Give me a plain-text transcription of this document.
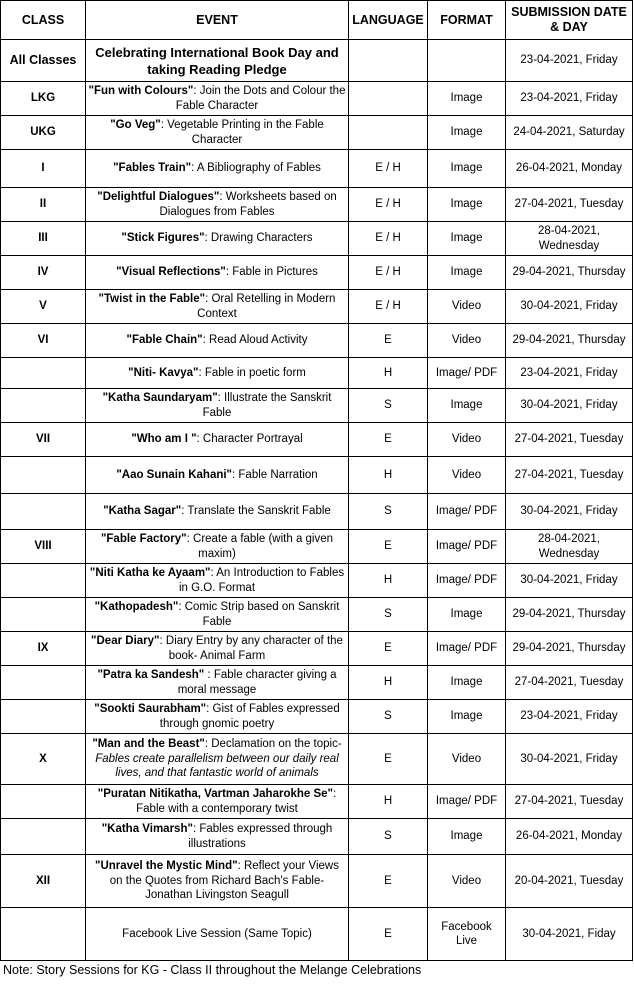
CLASS	EVENT	LANGUAGE	FORMAT	SUBMISSION DATE
& DAY
All Classes	Celebrating International Book Day and taking Reading Pledge			23-04-2021, Friday
LKG	"Fun with Colours": Join the Dots and Colour the Fable Character		Image	23-04-2021, Friday
UKG	"Go Veg": Vegetable Printing in the Fable Character		Image	24-04-2021, Saturday
I	"Fables Train": A Bibliography of Fables	E / H	Image	26-04-2021, Monday
II	"Delightful Dialogues": Worksheets based on Dialogues from Fables	E / H	Image	27-04-2021, Tuesday
III	"Stick Figures": Drawing Characters	E / H	Image	28-04-2021, Wednesday
IV	"Visual Reflections": Fable in Pictures	E / H	Image	29-04-2021, Thursday
V	"Twist in the Fable": Oral Retelling in Modern Context	E / H	Video	30-04-2021, Friday
VI	"Fable Chain": Read Aloud Activity	E	Video	29-04-2021, Thursday
	"Niti- Kavya": Fable in poetic form	H	Image/ PDF	23-04-2021, Friday
	"Katha Saundaryam": Illustrate the Sanskrit Fable	S	Image	30-04-2021, Friday
VII	"Who am I ": Character Portrayal	E	Video	27-04-2021, Tuesday
	"Aao Sunain Kahani": Fable Narration	H	Video	27-04-2021, Tuesday
	"Katha Sagar": Translate the Sanskrit Fable	S	Image/ PDF	30-04-2021, Friday
VIII	"Fable Factory": Create a fable (with a given maxim)	E	Image/ PDF	28-04-2021, Wednesday
	"Niti Katha ke Ayaam": An Introduction to Fables in G.O. Format	H	Image/ PDF	30-04-2021, Friday
	"Kathopadesh": Comic Strip based on Sanskrit Fable	S	Image	29-04-2021, Thursday
IX	"Dear Diary": Diary Entry by any character of the book- Animal Farm	E	Image/ PDF	29-04-2021, Thursday
	"Patra ka Sandesh" : Fable character giving a moral message	H	Image	27-04-2021, Tuesday
	"Sookti Saurabham": Gist of Fables expressed through gnomic poetry	S	Image	23-04-2021, Friday
X	"Man and the Beast": Declamation on the topic- Fables create parallelism between our daily real lives, and that fantastic world of animals	E	Video	30-04-2021, Friday
	"Puratan Nitikatha, Vartman Jaharokhe Se": Fable with a contemporary twist	H	Image/ PDF	27-04-2021, Tuesday
	"Katha Vimarsh": Fables expressed through illustrations	S	Image	26-04-2021, Monday
XII	"Unravel the Mystic Mind": Reflect your Views on the Quotes from Richard Bach's Fable- Jonathan Livingston Seagull	E	Video	20-04-2021, Tuesday
	Facebook Live Session (Same Topic)	E	Facebook Live	30-04-2021, Fiday
Note: Story Sessions for KG - Class II throughout the Melange Celebrations
